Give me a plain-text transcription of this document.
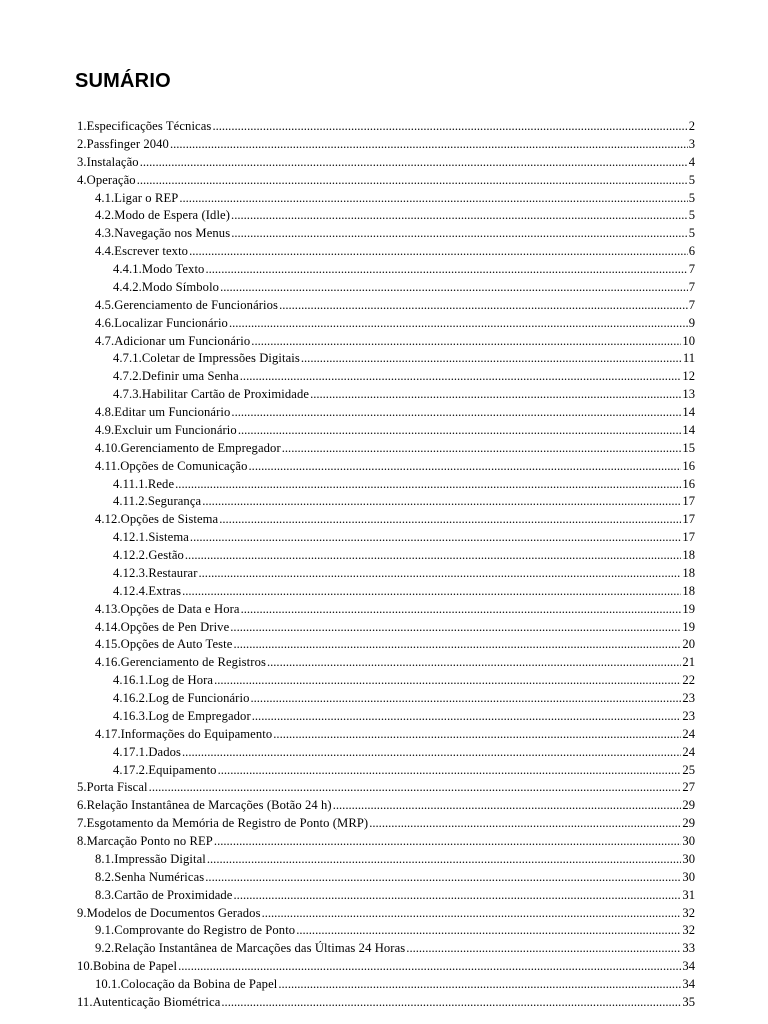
SUMÁRIO
1.Especificações Técnicas .....	2
2.Passfinger 2040 .....	3
3.Instalação .....	4
4.Operação .....	5
4.1.Ligar o REP .....	5
4.2.Modo de Espera (Idle) .....	5
4.3.Navegação nos Menus .....	5
4.4.Escrever texto .....	6
4.4.1.Modo Texto .....	7
4.4.2.Modo Símbolo .....	7
4.5.Gerenciamento de Funcionários .....	7
4.6.Localizar Funcionário .....	9
4.7.Adicionar um Funcionário .....	10
4.7.1.Coletar de Impressões Digitais .....	11
4.7.2.Definir uma Senha .....	12
4.7.3.Habilitar Cartão de Proximidade .....	13
4.8.Editar um Funcionário .....	14
4.9.Excluir um Funcionário .....	14
4.10.Gerenciamento de Empregador .....	15
4.11.Opções de Comunicação .....	16
4.11.1.Rede .....	16
4.11.2.Segurança .....	17
4.12.Opções de Sistema .....	17
4.12.1.Sistema .....	17
4.12.2.Gestão .....	18
4.12.3.Restaurar .....	18
4.12.4.Extras .....	18
4.13.Opções de Data e Hora .....	19
4.14.Opções de Pen Drive .....	19
4.15.Opções de Auto Teste .....	20
4.16.Gerenciamento de Registros .....	21
4.16.1.Log de Hora .....	22
4.16.2.Log de Funcionário .....	23
4.16.3.Log de Empregador .....	23
4.17.Informações do Equipamento .....	24
4.17.1.Dados .....	24
4.17.2.Equipamento .....	25
5.Porta Fiscal .....	27
6.Relação Instantânea de Marcações (Botão 24 h) .....	29
7.Esgotamento da Memória de Registro de Ponto (MRP) .....	29
8.Marcação Ponto no REP .....	30
8.1.Impressão Digital .....	30
8.2.Senha Numéricas .....	30
8.3.Cartão de Proximidade .....	31
9.Modelos de Documentos Gerados .....	32
9.1.Comprovante do Registro de Ponto .....	32
9.2.Relação Instantânea de Marcações das Últimas 24 Horas .....	33
10.Bobina de Papel .....	34
10.1.Colocação da Bobina de Papel .....	34
11.Autenticação Biométrica .....	35
